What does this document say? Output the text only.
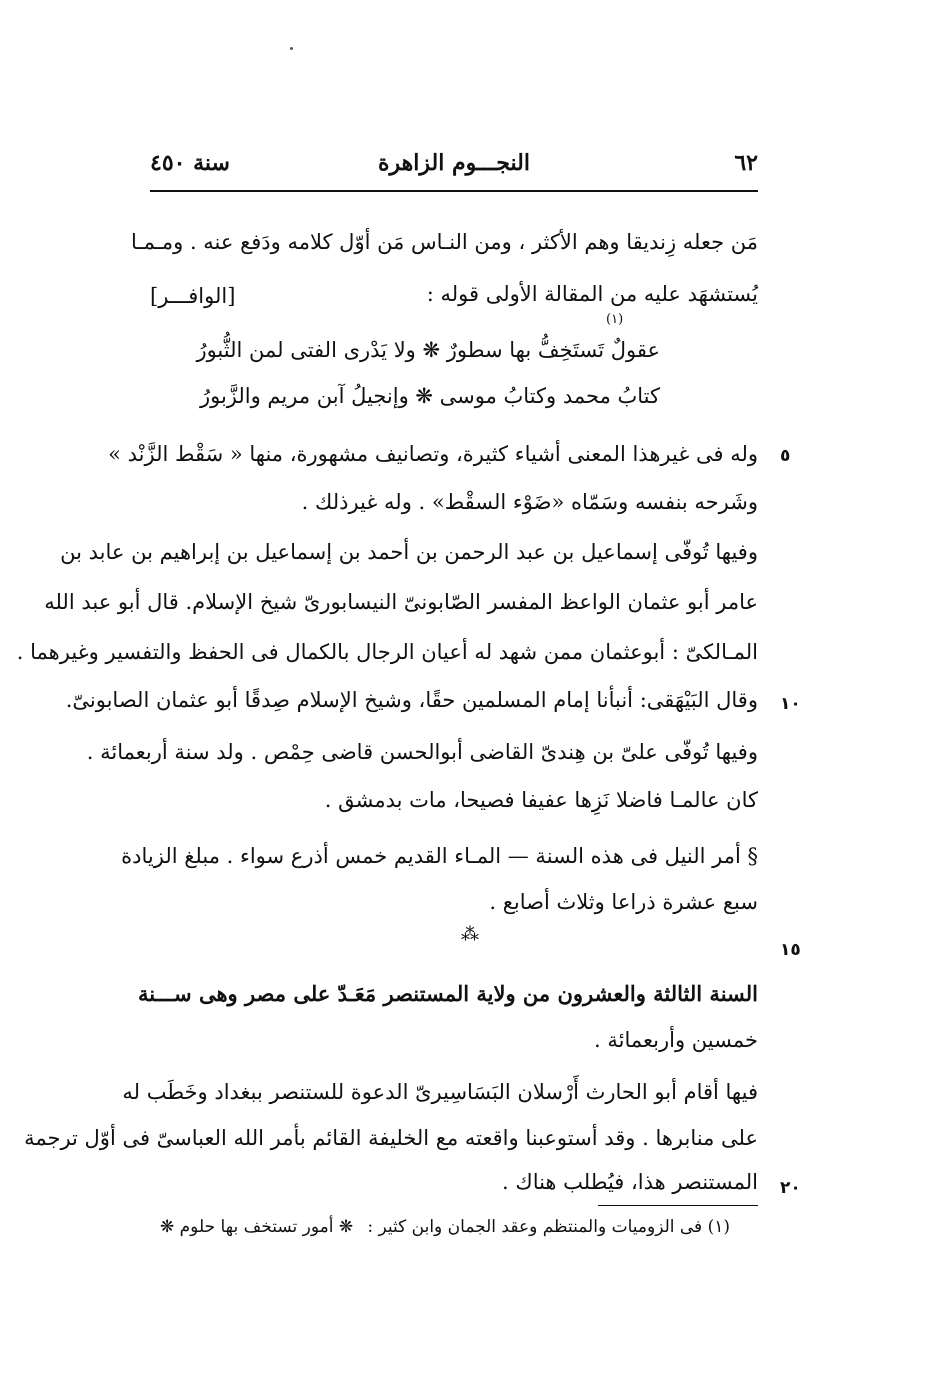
٦٢
النجـــوم الزاهرة
سنة ٤٥٠
مَن جعله زِنديقا وهم الأكثر ، ومن النـاس مَن أوّل كلامه ودَفع عنه . ومـمـا
يُستشهَد عليه من المقالة الأولى قوله :
[الوافـــر]
عقولٌ تَستَخِفُّ بها سطورٌ ❋ ولا يَدْرى الفتى لمن الثُّبورُ
(١)
كتابُ محمد وكتابُ موسى ❋ وإنجيلُ آبن مريم والزَّبورُ
وله فى غيرهذا المعنى أشياء كثيرة، وتصانيف مشهورة، منها « سَقْط الزَّنْد » ٥
وشَرحه بنفسه وسَمّاه «ضَوْء السقْط» . وله غيرذلك .
وفيها تُوفّى إسماعيل بن عبد الرحمن بن أحمد بن إسماعيل بن إبراهيم بن عابد بن
عامر أبو عثمان الواعظ المفسر الصّابونىّ النيسابورىّ شيخ الإسلام. قال أبو عبد الله
المـالكىّ : أبوعثمان ممن شهد له أعيان الرجال بالكمال فى الحفظ والتفسير وغيرهما .
وقال البَيْهَقى: أنبأنا إمام المسلمين حقًا، وشيخ الإسلام صِدقًا أبو عثمان الصابونىّ. ١٠
وفيها تُوفّى علىّ بن هِندىّ القاضى أبوالحسن قاضى حِمْص . ولد سنة أربعمائة .
كان عالمـا فاضلا نَزِها عفيفا فصيحا، مات بدمشق .
§ أمر النيل فى هذه السنة — المـاء القديم خمس أذرع سواء . مبلغ الزيادة
سبع عشرة ذراعا وثلاث أصابع .
⁂
١٥
السنة الثالثة والعشرون من ولاية المستنصر مَعَـدّ على مصر وهى ســـنة
خمسين وأربعمائة .
فيها أقام أبو الحارث أَرْسلان البَسَاسِيرىّ الدعوة للستنصر ببغداد وخَطَب له
على منابرها . وقد أستوعبنا واقعته مع الخليفة القائم بأمر الله العباسىّ فى أوّل ترجمة
المستنصر هذا، فيُطلب هناك . ٢٠
(١) فى الزوميات والمنتظم وعقد الجمان وابن كثير :
❋ أمور تستخف بها حلوم ❋
